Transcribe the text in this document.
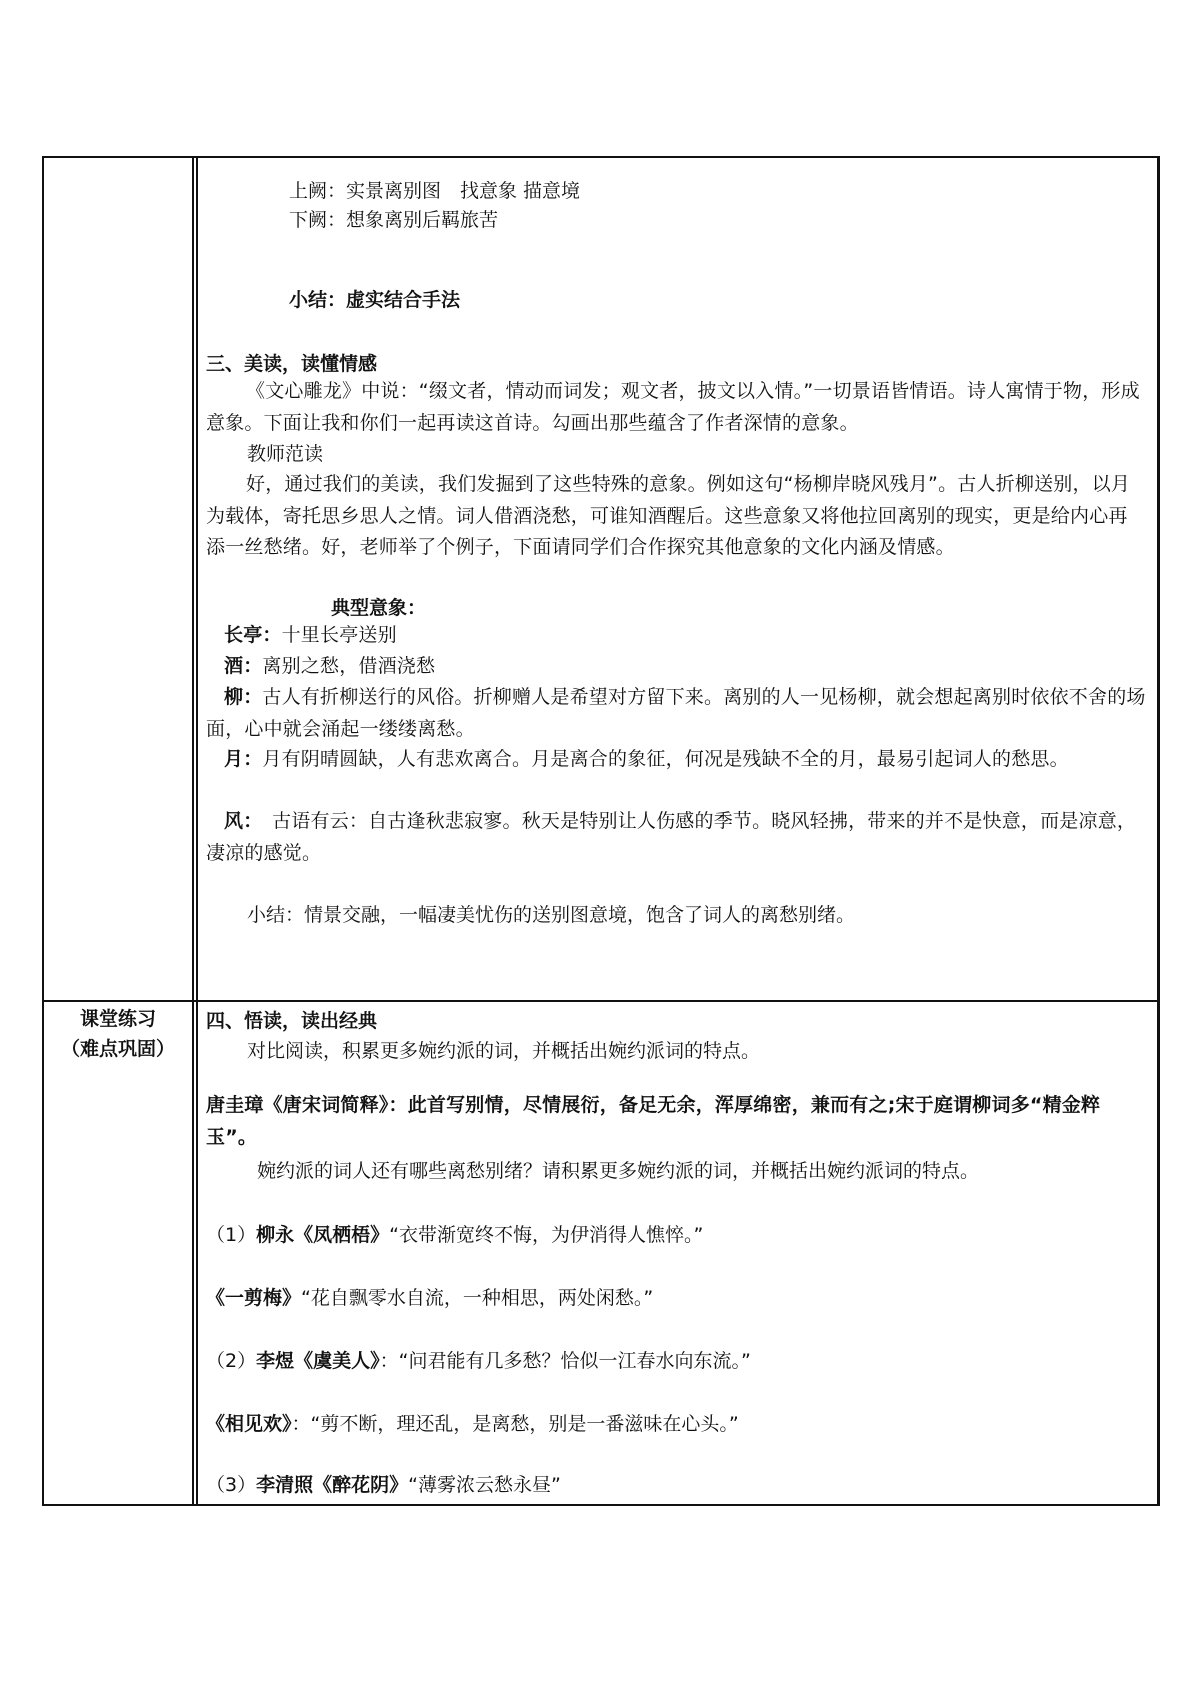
上阙：实景离别图　找意象 描意境
下阙：想象离别后羁旅苦
小结：虚实结合手法
三、美读，读懂情感
《文心雕龙》中说：“缀文者，情动而词发；观文者，披文以入情。”一切景语皆情语。诗人寓情于物，形成意象。下面让我和你们一起再读这首诗。勾画出那些蕴含了作者深情的意象。
教师范读
好，通过我们的美读，我们发掘到了这些特殊的意象。例如这句“杨柳岸晓风残月”。古人折柳送别，以月为载体，寄托思乡思人之情。词人借酒浇愁，可谁知酒醒后。这些意象又将他拉回离别的现实，更是给内心再添一丝愁绪。好，老师举了个例子，下面请同学们合作探究其他意象的文化内涵及情感。
典型意象：
长亭：十里长亭送别
酒：离别之愁，借酒浇愁
柳：古人有折柳送行的风俗。折柳赠人是希望对方留下来。离别的人一见杨柳，就会想起离别时依依不舍的场面，心中就会涌起一缕缕离愁。
月：月有阴晴圆缺，人有悲欢离合。月是离合的象征，何况是残缺不全的月，最易引起词人的愁思。
风：　古语有云：自古逢秋悲寂寥。秋天是特别让人伤感的季节。晓风轻拂，带来的并不是快意，而是凉意，凄凉的感觉。
小结：情景交融，一幅凄美忧伤的送别图意境，饱含了词人的离愁别绪。
课堂练习
（难点巩固）
四、悟读，读出经典
对比阅读，积累更多婉约派的词，并概括出婉约派词的特点。
唐圭璋《唐宋词简释》：此首写别情，尽情展衍，备足无余，浑厚绵密，兼而有之;宋于庭谓柳词多“精金粹玉”。
婉约派的词人还有哪些离愁别绪？请积累更多婉约派的词，并概括出婉约派词的特点。
（1）柳永《凤栖梧》“衣带渐宽终不悔，为伊消得人憔悴。”
《一剪梅》“花自飘零水自流，一种相思，两处闲愁。”
（2）李煜《虞美人》：“问君能有几多愁？恰似一江春水向东流。”
《相见欢》：“剪不断，理还乱，是离愁，别是一番滋味在心头。”
（3）李清照《醉花阴》“薄雾浓云愁永昼”
